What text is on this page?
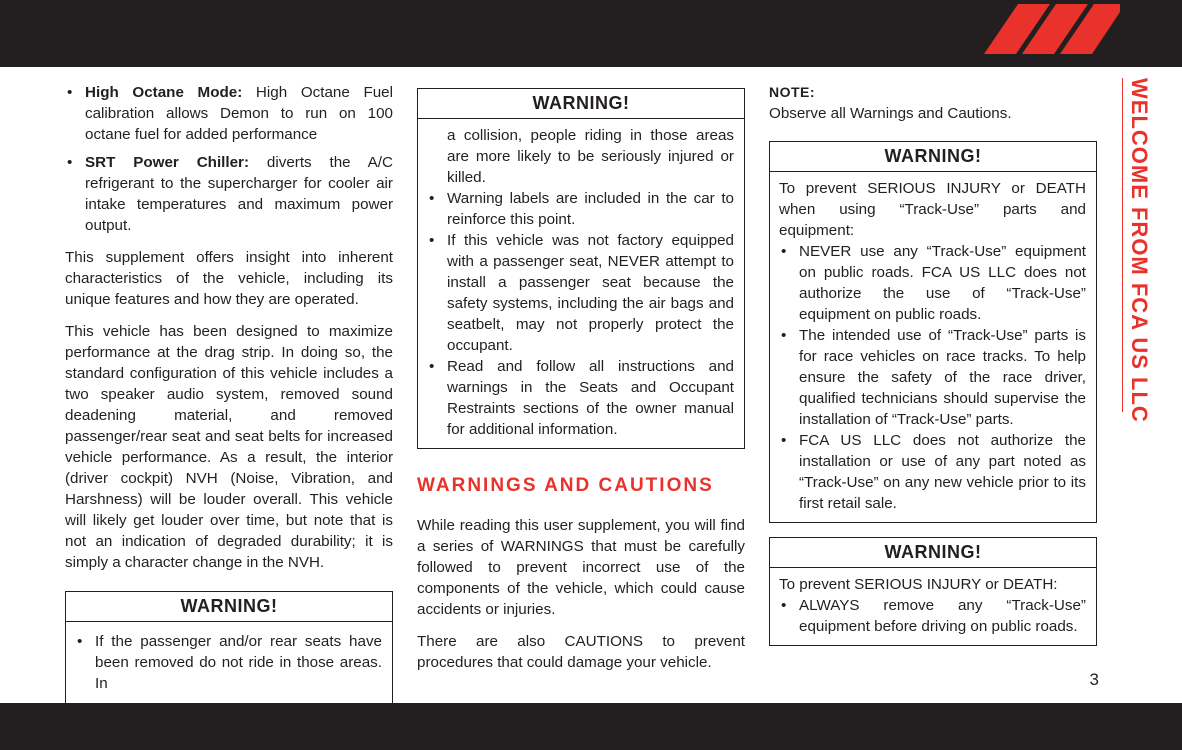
• High Octane Mode: High Octane Fuel calibration allows Demon to run on 100 octane fuel for added performance
• SRT Power Chiller: diverts the A/C refrigerant to the supercharger for cooler air intake temperatures and maximum power output.

This supplement offers insight into inherent characteristics of the vehicle, including its unique features and how they are operated.

This vehicle has been designed to maximize performance at the drag strip. In doing so, the standard configuration of this vehicle includes a two speaker audio system, removed sound deadening material, and removed passenger/rear seat and seat belts for increased vehicle performance. As a result, the interior (driver cockpit) NVH (Noise, Vibration, and Harshness) will be louder overall. This vehicle will likely get louder over time, but note that is not an indication of degraded durability; it is simply a character change in the NVH.

WARNING!
• If the passenger and/or rear seats have been removed do not ride in those areas. In
WARNING!

a collision, people riding in those areas are more likely to be seriously injured or killed.

• Warning labels are included in the car to reinforce this point.
• If this vehicle was not factory equipped with a passenger seat, NEVER attempt to install a passenger seat because the safety systems, including the air bags and seatbelt, may not properly protect the occupant.
• Read and follow all instructions and warnings in the Seats and Occupant Restraints sections of the owner manual for additional information.
WARNINGS AND CAUTIONS

While reading this user supplement, you will find a series of WARNINGS that must be carefully followed to prevent incorrect use of the components of the vehicle, which could cause accidents or injuries.

There are also CAUTIONS to prevent procedures that could damage your vehicle.

NOTE:

Observe all Warnings and Cautions.

WARNING!

To prevent SERIOUS INJURY or DEATH when using “Track-Use” parts and equipment:

• NEVER use any “Track-Use” equipment on public roads. FCA US LLC does not authorize the use of “Track-Use” equipment on public roads.
• The intended use of “Track-Use” parts is for race vehicles on race tracks. To help ensure the safety of the race driver, qualified technicians should supervise the installation of “Track-Use” parts.
• FCA US LLC does not authorize the installation or use of any part noted as “Track-Use” on any new vehicle prior to its first retail sale.
WARNING!

To prevent SERIOUS INJURY or DEATH:

• ALWAYS remove any “Track-Use” equipment before driving on public roads.
WELCOME FROM FCA US LLC
3
